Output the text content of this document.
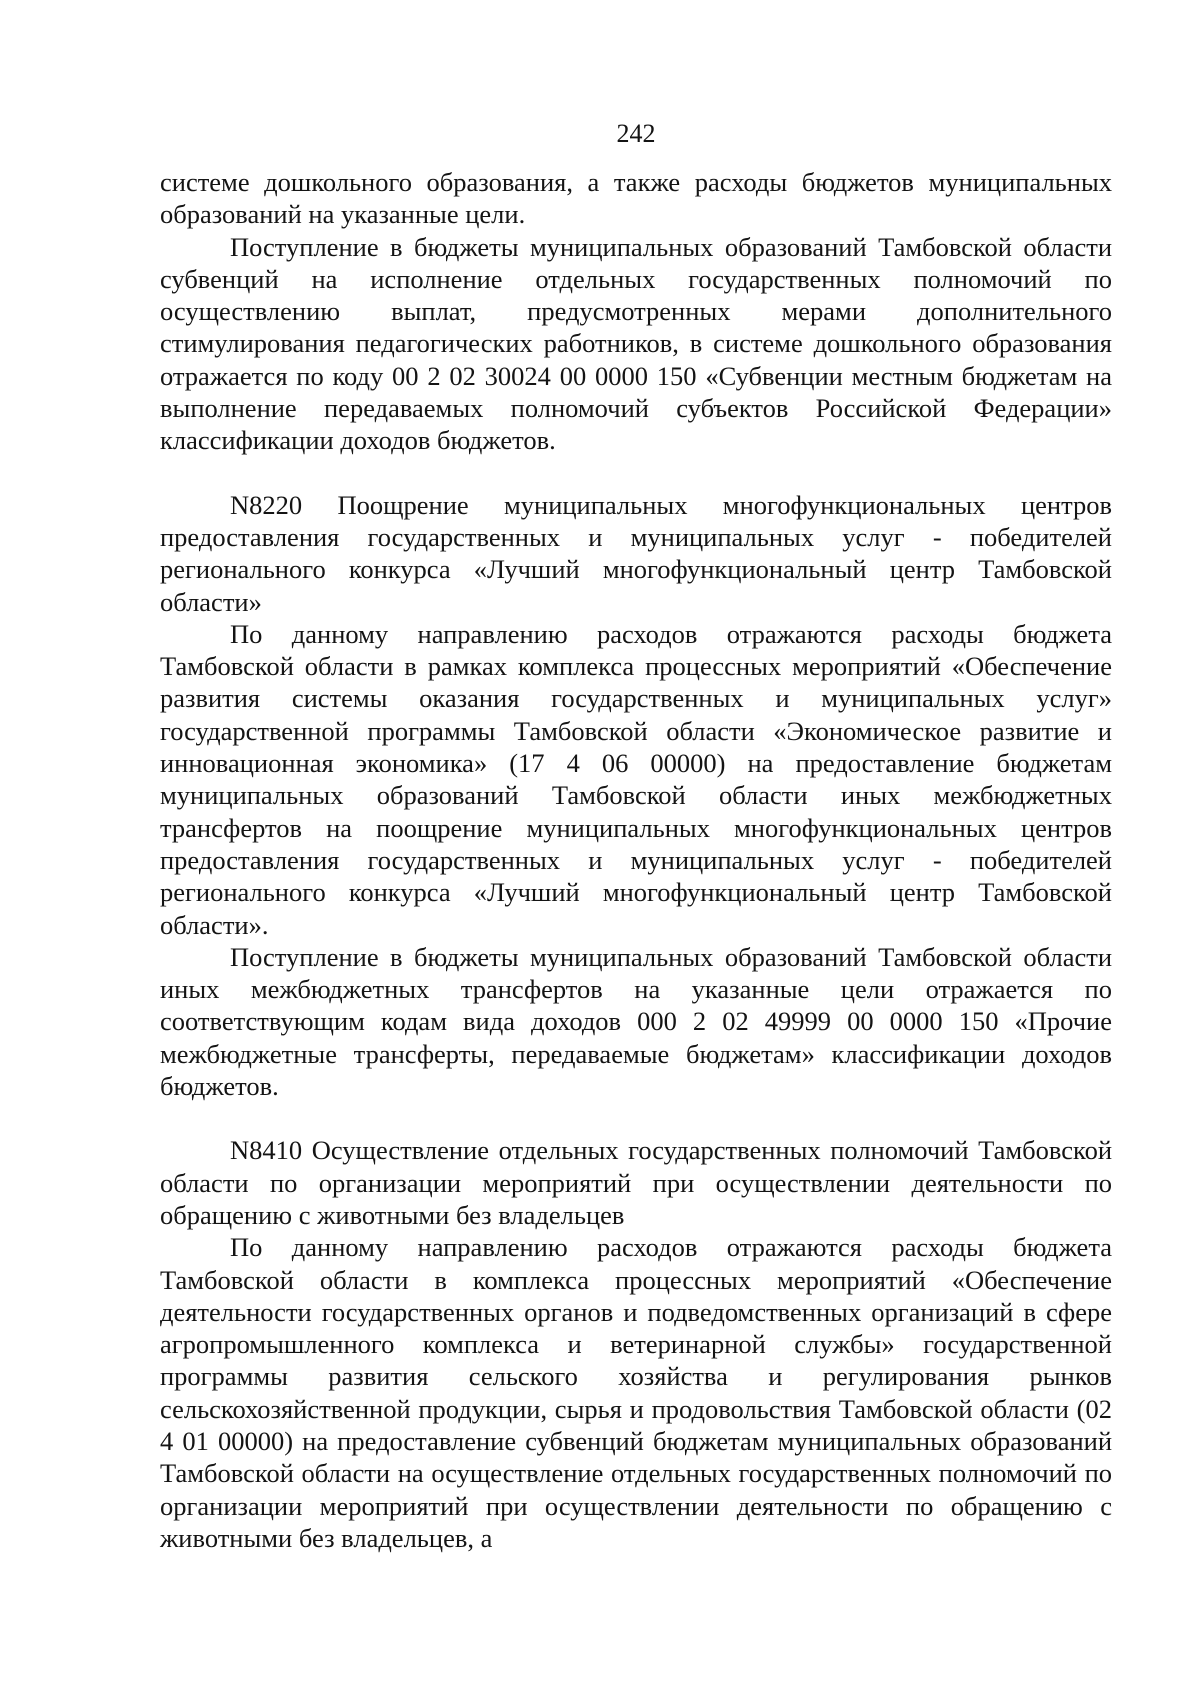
242

системе дошкольного образования, а также расходы бюджетов муниципальных образований на указанные цели.

Поступление в бюджеты муниципальных образований Тамбовской области субвенций на исполнение отдельных государственных полномочий по осуществлению выплат, предусмотренных мерами дополнительного стимулирования педагогических работников, в системе дошкольного образования отражается по коду 00 2 02 30024 00 0000 150 «Субвенции местным бюджетам на выполнение передаваемых полномочий субъектов Российской Федерации» классификации доходов бюджетов.

N8220 Поощрение муниципальных многофункциональных центров предоставления государственных и муниципальных услуг - победителей регионального конкурса «Лучший многофункциональный центр Тамбовской области»

По данному направлению расходов отражаются расходы бюджета Тамбовской области в рамках комплекса процессных мероприятий «Обеспечение развития системы оказания государственных и муниципальных услуг» государственной программы Тамбовской области «Экономическое развитие и инновационная экономика» (17 4 06 00000) на предоставление бюджетам муниципальных образований Тамбовской области иных межбюджетных трансфертов на поощрение муниципальных многофункциональных центров предоставления государственных и муниципальных услуг - победителей регионального конкурса «Лучший многофункциональный центр Тамбовской области».

Поступление в бюджеты муниципальных образований Тамбовской области иных межбюджетных трансфертов на указанные цели отражается по соответствующим кодам вида доходов 000 2 02 49999 00 0000 150 «Прочие межбюджетные трансферты, передаваемые бюджетам» классификации доходов бюджетов.

N8410 Осуществление отдельных государственных полномочий Тамбовской области по организации мероприятий при осуществлении деятельности по обращению с животными без владельцев

По данному направлению расходов отражаются расходы бюджета Тамбовской области в комплекса процессных мероприятий «Обеспечение деятельности государственных органов и подведомственных организаций в сфере агропромышленного комплекса и ветеринарной службы» государственной программы развития сельского хозяйства и регулирования рынков сельскохозяйственной продукции, сырья и продовольствия Тамбовской области (02 4 01 00000) на предоставление субвенций бюджетам муниципальных образований Тамбовской области на осуществление отдельных государственных полномочий по организации мероприятий при осуществлении деятельности по обращению с животными без владельцев, а
